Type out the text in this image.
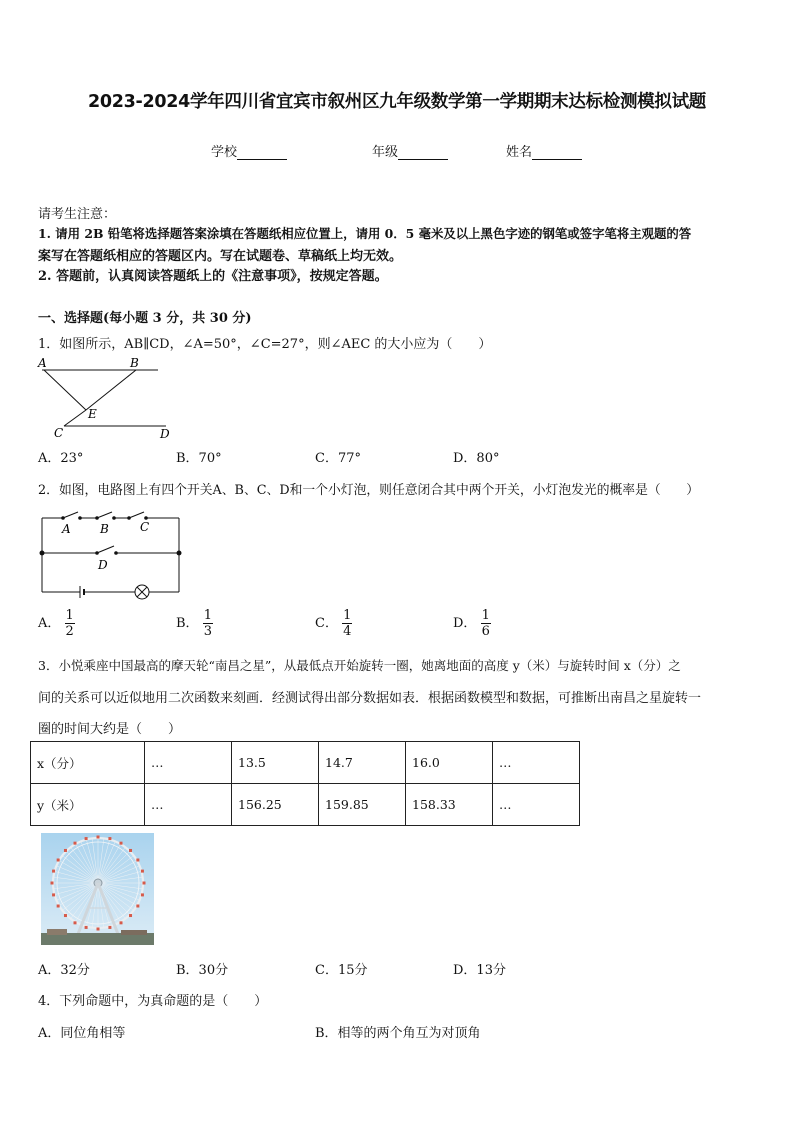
2023-2024学年四川省宜宾市叙州区九年级数学第一学期期末达标检测模拟试题
学校	年级	姓名
请考生注意：
1. 请用 2B 铅笔将选择题答案涂填在答题纸相应位置上，请用 0．5 毫米及以上黑色字迹的钢笔或签字笔将主观题的答
案写在答题纸相应的答题区内。写在试题卷、草稿纸上均无效。
2. 答题前，认真阅读答题纸上的《注意事项》，按规定答题。
一、选择题(每小题 3 分，共 30 分)
1．如图所示，AB∥CD，∠A=50°，∠C=27°，则∠AEC 的大小应为（　　）
A	B
E
C	D
A．23°	B．70°	C．77°	D．80°
2．如图，电路图上有四个开关A、B、C、D和一个小灯泡，则任意闭合其中两个开关，小灯泡发光的概率是（　　）
A B	C
D
A． $\frac{1}{2}$	B． $\frac{1}{3}$	C． $\frac{1}{4}$	D． $\frac{1}{6}$
3．小悦乘座中国最高的摩天轮“南昌之星”，从最低点开始旋转一圈，她离地面的高度 y（米）与旋转时间 x（分）之
间的关系可以近似地用二次函数来刻画．经测试得出部分数据如表．根据函数模型和数据，可推断出南昌之星旋转一
圈的时间大约是（　　）
x（分）	…	13.5	14.7	16.0	…
y（米）	…	156.25	159.85	158.33	…
A．32分	B．30分	C．15分	D．13分
4．下列命题中，为真命题的是（　　）
A．同位角相等	B．相等的两个角互为对顶角
